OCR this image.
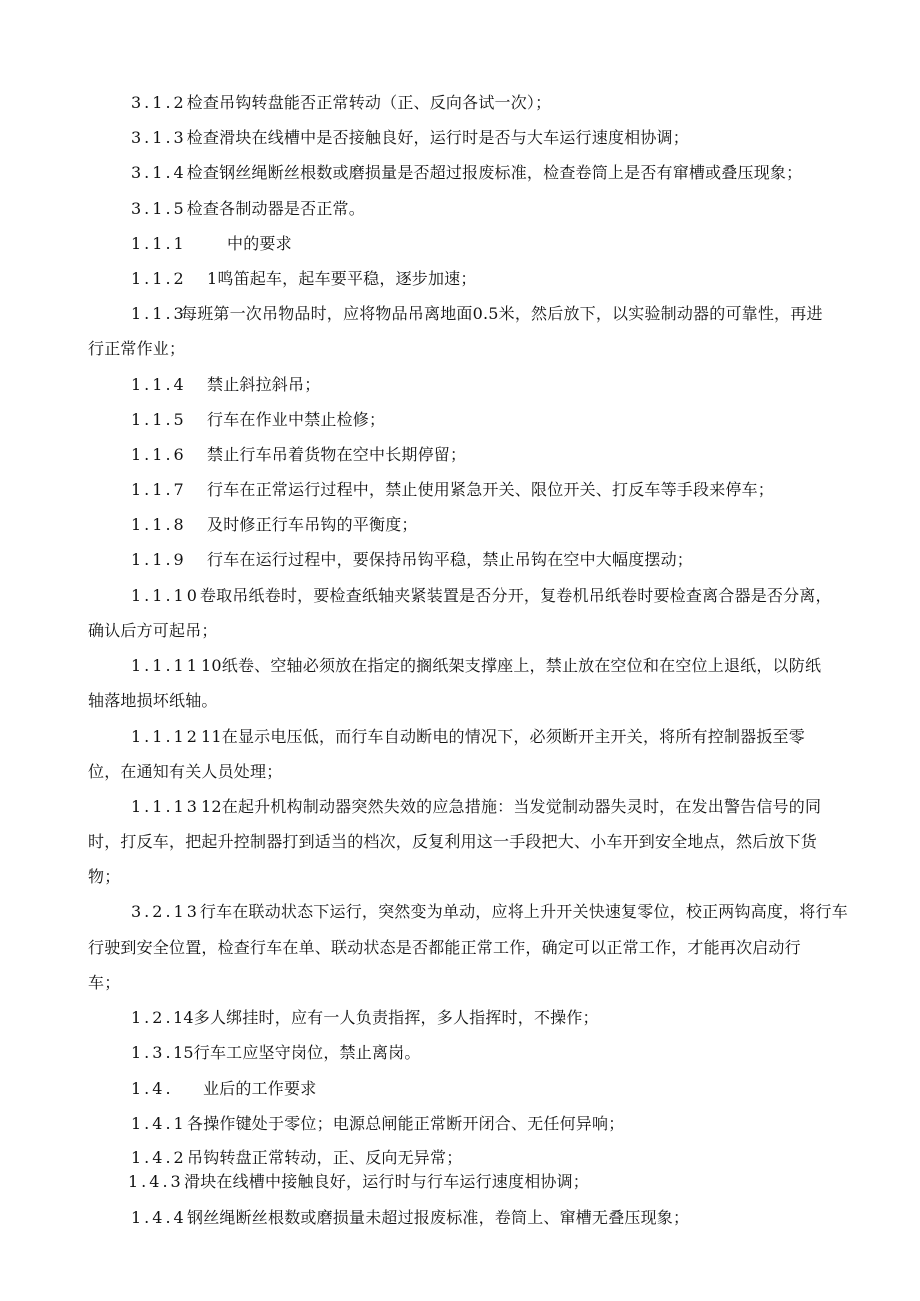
3.1.2检查吊钩转盘能否正常转动（正、反向各试一次）；
3.1.3检查滑块在线槽中是否接触良好，运行时是否与大车运行速度相协调；
3.1.4检查钢丝绳断丝根数或磨损量是否超过报废标准，检查卷筒上是否有窜槽或叠压现象；
3.1.5检查各制动器是否正常。
1.1.1	中的要求
1.1.2 1鸣笛起车，起车要平稳，逐步加速；
1.1.3每班第一次吊物品时，应将物品吊离地面0.5米，然后放下，以实验制动器的可靠性，再进
行正常作业；
1.1.4 禁止斜拉斜吊；
1.1.5 行车在作业中禁止检修；
1.1.6 禁止行车吊着货物在空中长期停留；
1.1.7 行车在正常运行过程中，禁止使用紧急开关、限位开关、打反车等手段来停车；
1.1.8 及时修正行车吊钩的平衡度；
1.1.9 行车在运行过程中，要保持吊钩平稳，禁止吊钩在空中大幅度摆动；
1.1.10卷取吊纸卷时，要检查纸轴夹紧装置是否分开，复卷机吊纸卷时要检查离合器是否分离，
确认后方可起吊；
1.1.1110纸卷、空轴必须放在指定的搁纸架支撑座上，禁止放在空位和在空位上退纸，以防纸
轴落地损坏纸轴。
1.1.1211在显示电压低，而行车自动断电的情况下，必须断开主开关，将所有控制器扳至零
位，在通知有关人员处理；
1.1.1312在起升机构制动器突然失效的应急措施：当发觉制动器失灵时，在发出警告信号的同
时，打反车，把起升控制器打到适当的档次，反复利用这一手段把大、小车开到安全地点，然后放下货
物；
3.2.13行车在联动状态下运行，突然变为单动，应将上升开关快速复零位，校正两钩高度，将行车
行驶到安全位置，检查行车在单、联动状态是否都能正常工作，确定可以正常工作，才能再次启动行
车；
1.2.14多人绑挂时，应有一人负责指挥，多人指挥时，不操作；
1.3.15行车工应坚守岗位，禁止离岗。
1.4. 业后的工作要求
1.4.1各操作键处于零位；电源总闸能正常断开闭合、无任何异响；
1.4.2吊钩转盘正常转动，正、反向无异常；
1.4.3滑块在线槽中接触良好，运行时与行车运行速度相协调；
1.4.4钢丝绳断丝根数或磨损量未超过报废标准，卷筒上、窜槽无叠压现象；
